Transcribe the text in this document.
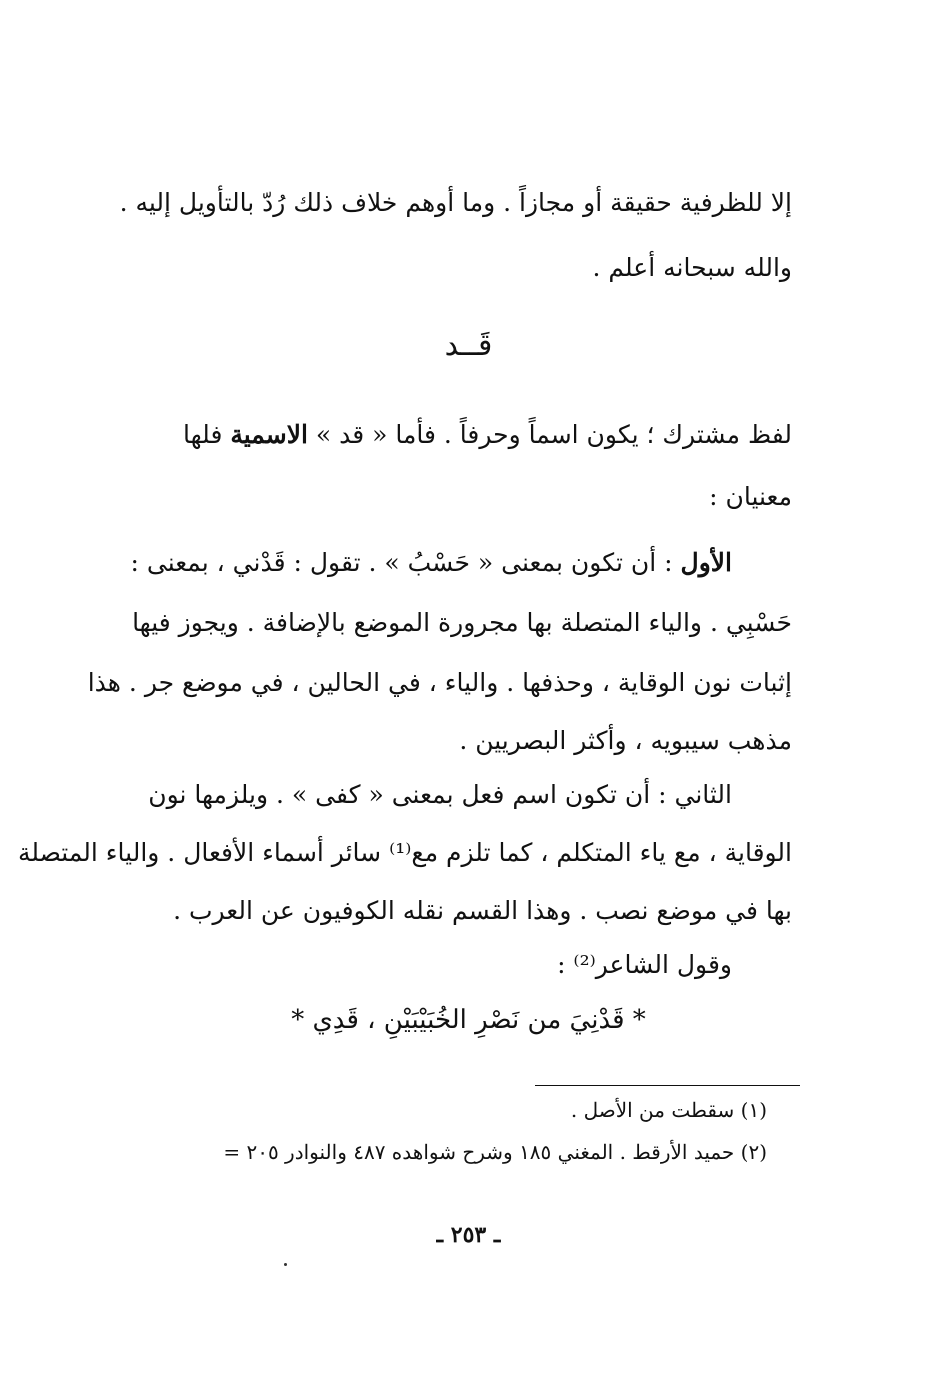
إلا للظرفية حقيقة أو مجازاً . وما أوهم خلاف ذلك رُدّ بالتأويل إليه .
والله سبحانه أعلم .
قَــد
لفظ مشترك ؛ يكون اسماً وحرفاً . فأما « قد » الاسمية فلها
معنيان :
الأول : أن تكون بمعنى « حَسْبُ » . تقول : قَدْني ، بمعنى :
حَسْبِي . والياء المتصلة بها مجرورة الموضع بالإضافة . ويجوز فيها
إثبات نون الوقاية ، وحذفها . والياء ، في الحالين ، في موضع جر . هذا
مذهب سيبويه ، وأكثر البصريين .
الثاني : أن تكون اسم فعل بمعنى « كفى » . ويلزمها نون
الوقاية ، مع ياء المتكلم ، كما تلزم مع⁽¹⁾ سائر أسماء الأفعال . والياء المتصلة
بها في موضع نصب . وهذا القسم نقله الكوفيون عن العرب .
وقول الشاعر⁽²⁾ :
* قَدْنِيَ من نَصْرِ الخُبَيْبَيْنِ ، قَدِي *
(١) سقطت من الأصل .
(٢) حميد الأرقط . المغني ١٨٥ وشرح شواهده ٤٨٧ والنوادر ٢٠٥ =
ـ ٢٥٣ ـ
